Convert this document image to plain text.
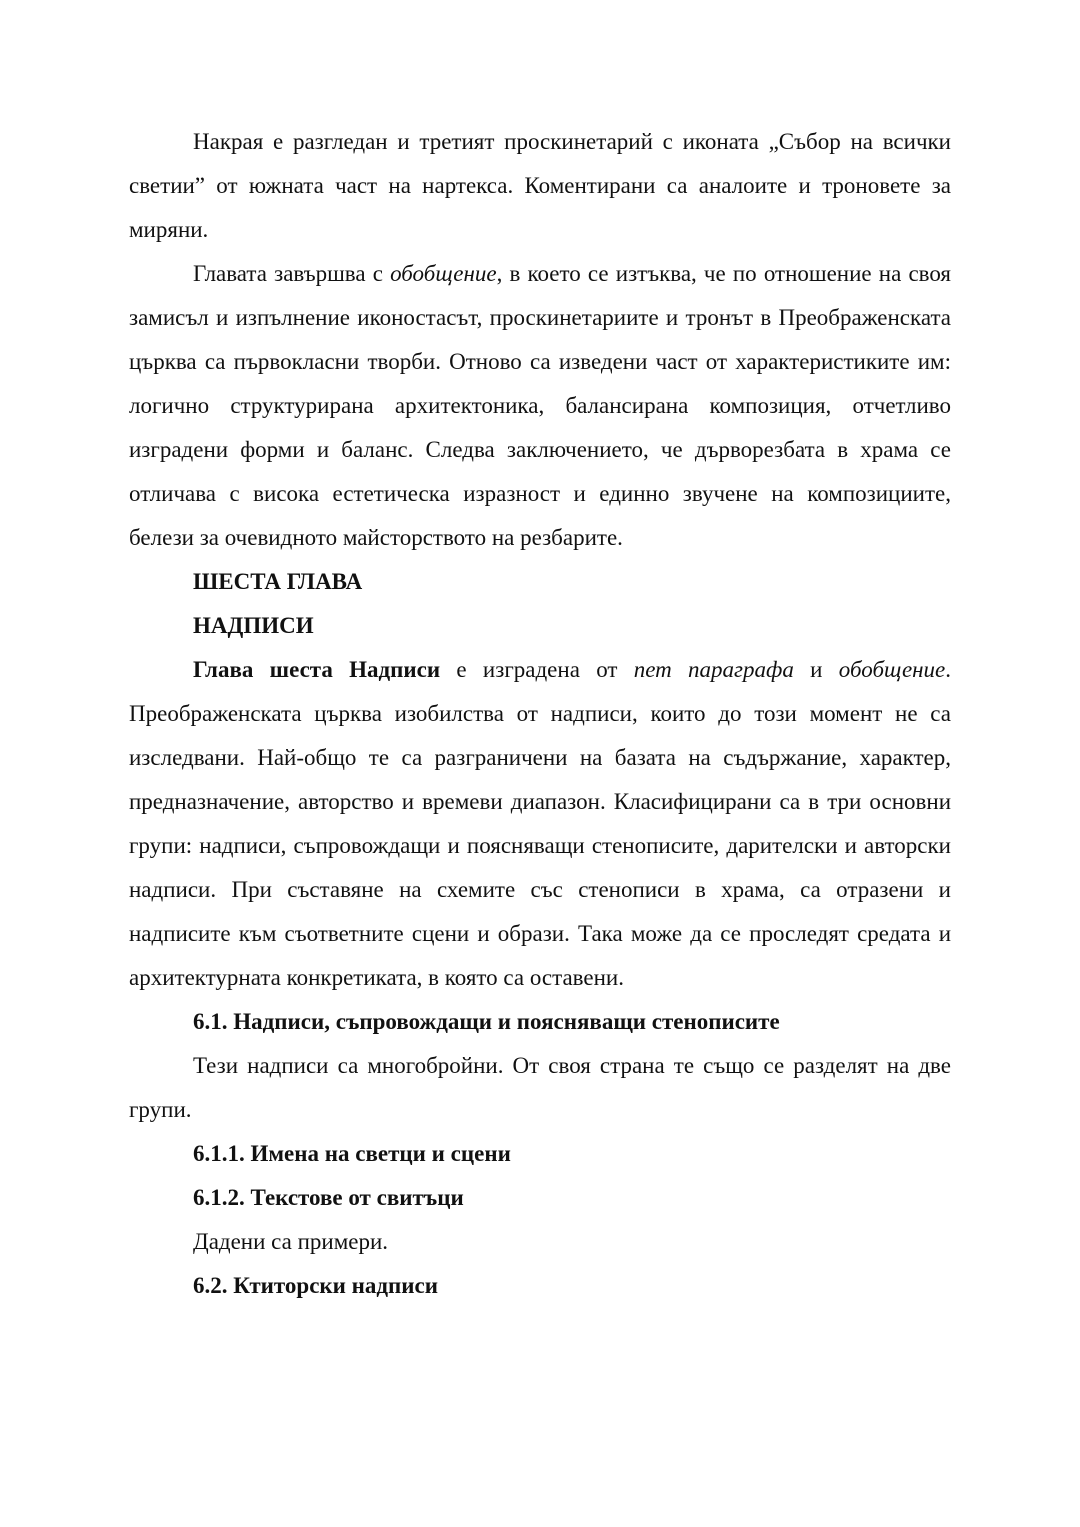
Накрая е разгледан и третият проскинетарий с иконата „Събор на всички светии” от южната част на нартекса. Коментирани са аналоите и троновете за миряни.

Главата завършва с обобщение, в което се изтъква, че по отношение на своя замисъл и изпълнение иконостасът, проскинетариите и тронът в Преображенската църква са първокласни творби. Отново са изведени част от характеристиките им: логично структурирана архитектоника, балансирана композиция, отчетливо изградени форми и баланс. Следва заключението, че дърворезбата в храма се отличава с висока естетическа изразност и единно звучене на композициите, белези за очевидното майсторството на резбарите.

ШЕСТА ГЛАВА

НАДПИСИ

Глава шеста Надписи е изградена от пет параграфа и обобщение. Преображенската църква изобилства от надписи, които до този момент не са изследвани. Най-общо те са разграничени на базата на съдържание, характер, предназначение, авторство и времеви диапазон. Класифицирани са в три основни групи: надписи, съпровождащи и поясняващи стенописите, дарителски и авторски надписи. При съставяне на схемите със стенописи в храма, са отразени и надписите към съответните сцени и образи. Така може да се проследят средата и архитектурната конкретиката, в която са оставени.

6.1. Надписи, съпровождащи и поясняващи стенописите

Тези надписи са многобройни. От своя страна те също се разделят на две групи.

6.1.1. Имена на светци и сцени

6.1.2. Текстове от свитъци

Дадени са примери.

6.2. Ктиторски надписи
